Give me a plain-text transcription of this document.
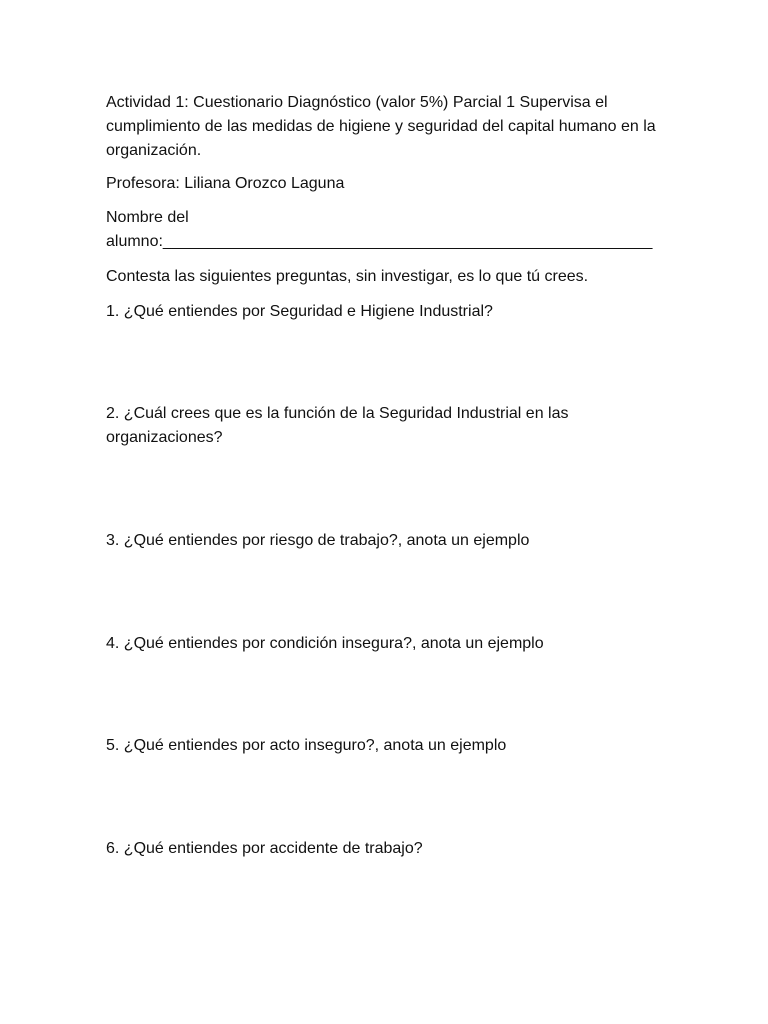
Actividad 1: Cuestionario Diagnóstico (valor 5%) Parcial 1 Supervisa el cumplimiento de las medidas de higiene y seguridad del capital humano en la organización.

Profesora: Liliana Orozco Laguna

Nombre del
alumno:_______________________________________________________

Contesta las siguientes preguntas, sin investigar, es lo que tú crees.

1. ¿Qué entiendes por Seguridad e Higiene Industrial?

2. ¿Cuál crees que es la función de la Seguridad Industrial en las organizaciones?

3. ¿Qué entiendes por riesgo de trabajo?, anota un ejemplo

4. ¿Qué entiendes por condición insegura?, anota un ejemplo

5. ¿Qué entiendes por acto inseguro?, anota un ejemplo

6. ¿Qué entiendes por accidente de trabajo?
